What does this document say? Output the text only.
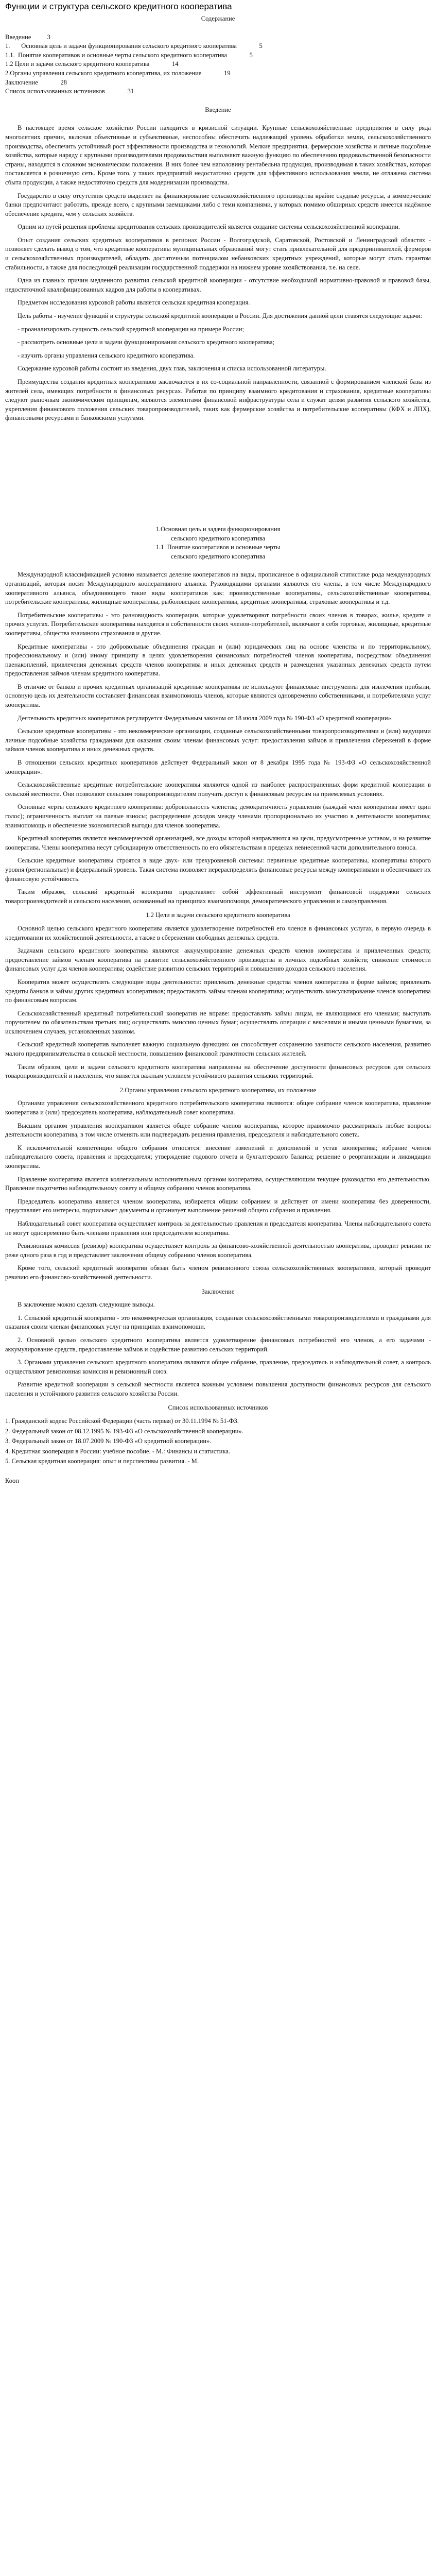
Функции и структура сельского кредитного кооператива
Содержание
Введение          3
1.       Основная цель и задачи функционирования сельского кредитного кооператива              5
1.1.  Понятие кооперативов и основные черты сельского кредитного кооператива              5
1.2 Цели и задачи сельского кредитного кооператива              14
2.Органы управления сельского кредитного кооператива, их положение              19
Заключение              28
Список использованных источников              31
Введение

В настоящее время сельское хозяйство России находится в кризисной ситуации. Крупные сельскохозяйственные предприятия в силу ряда многолетних причин, включая объективные и субъективные, неспособны обеспечить надлежащий уровень обработки земли, сельскохозяйственного производства, обеспечить устойчивый рост эффективности производства и технологий. Мелкие предприятия, фермерские хозяйства и личные подсобные хозяйства, которые наряду с крупными производителями продовольствия выполняют важную функцию по обеспечению продовольственной безопасности страны, находятся в сложном экономическом положении. В них более чем наполовину рентабельна продукция, производимая в таких хозяйствах, которая поставляется в розничную сеть. Кроме того, у таких предприятий недостаточно средств для эффективного использования земли, не отлажена система сбыта продукции, а также недостаточно средств для модернизации производства.

Государство в силу отсутствия средств выделяет на финансирование сельскохозяйственного производства крайне скудные ресурсы, а коммерческие банки предпочитают работать, прежде всего, с крупными заемщиками либо с теми компаниями, у которых помимо обширных средств имеется надёжное обеспечение кредита, чем у сельских хозяйств.

Одним из путей решения проблемы кредитования сельских производителей является создание системы сельскохозяйственной кооперации.

Опыт создания сельских кредитных кооперативов в регионах России - Волгоградской, Саратовской, Ростовской и Ленинградской областях - позволяет сделать вывод о том, что кредитные кооперативы муниципальных образований могут стать привлекательной для предпринимателей, фермеров и сельскохозяйственных производителей, обладать достаточным потенциалом небанковских кредитных учреждений, которые могут стать гарантом стабильности, а также для последующей реализации государственной поддержки на нижнем уровне хозяйствования, т.е. на селе.

Одна из главных причин медленного развития сельской кредитной кооперации - отсутствие необходимой нормативно-правовой и правовой базы, недостаточной квалифицированных кадров для работы в кооперативах.

Предметом исследования курсовой работы является сельская кредитная кооперация.

Цель работы - изучение функций и структуры сельской кредитной кооперации в России. Для достижения данной цели ставятся следующие задачи:

- проанализировать сущность сельской кредитной кооперации на примере России;

- рассмотреть основные цели и задачи функционирования сельского кредитного кооператива;

- изучить органы управления сельского кредитного кооператива.

Содержание курсовой работы состоит из введения, двух глав, заключения и списка использованной литературы.

Преимущества создания кредитных кооперативов заключаются в их со-социальной направленности, связанной с формированием членской базы из жителей села, имеющих потребности в финансовых ресурсах. Работая по принципу взаимного кредитования и страхования, кредитные кооперативы следуют рыночным экономическим принципам, являются элементами финансовой инфраструктуры села и служат целям развития сельского хозяйства, укрепления финансового положения сельских товаропроизводителей, таких как фермерские хозяйства и потребительские кооперативы (КФХ и ЛПХ), финансовыми ресурсами и банковскими услугами.

1.Основная цель и задачи функционирования
сельского кредитного кооператива
1.1  Понятие кооперативов и основные черты
сельского кредитного кооператива

Международной классификацией условно называется деление кооперативов на виды, прописанное в официальной статистике рода международных организаций, которая носит Международного кооперативного альянса. Руководящими органами являются его члены, в том числе Международного кооперативного альянса, объединяющего такие виды кооперативов как: производственные кооперативы, сельскохозяйственные кооперативы, потребительские кооперативы, жилищные кооперативы, рыболовецкие кооперативы, кредитные кооперативы, страховые кооперативы и т.д.

Потребительские кооперативы - это разновидность кооперации, которые удовлетворяют потребности своих членов в товарах, жилье, кредите и прочих услугах. Потребительские кооперативы находятся в собственности своих членов-потребителей, включают в себя торговые, жилищные, кредитные кооперативы, общества взаимного страхования и другие.

Кредитные кооперативы - это добровольные объединения граждан и (или) юридических лиц на основе членства и по территориальному, профессиональному и (или) иному принципу в целях удовлетворения финансовых потребностей членов кооператива, посредством объединения паенакоплений, привлечения денежных средств членов кооператива и иных денежных средств и размещения указанных денежных средств путем предоставления займов членам кредитного кооператива.

В отличие от банков и прочих кредитных организаций кредитные кооперативы не используют финансовые инструменты для извлечения прибыли, основную цель их деятельности составляет финансовая взаимопомощь членов, которые являются одновременно собственниками, и потребителями услуг кооператива.

Деятельность кредитных кооперативов регулируется Федеральным законом от 18 июля 2009 года № 190-ФЗ «О кредитной кооперации».

Сельские кредитные кооперативы - это некоммерческие организации, созданные сельскохозяйственными товаропроизводителями и (или) ведущими личные подсобные хозяйства гражданами для оказания своим членам финансовых услуг: предоставления займов и привлечения сбережений в форме займов членов кооператива и иных денежных средств.

В отношении сельских кредитных кооперативов действует Федеральный закон от 8 декабря 1995 года № 193-ФЗ «О сельскохозяйственной кооперации».

Сельскохозяйственные кредитные потребительские кооперативы являются одной из наиболее распространенных форм кредитной кооперации в сельской местности. Они позволяют сельским товаропроизводителям получать доступ к финансовым ресурсам на приемлемых условиях.

Основные черты сельского кредитного кооператива: добровольность членства; демократичность управления (каждый член кооператива имеет один голос); ограниченность выплат на паевые взносы; распределение доходов между членами пропорционально их участию в деятельности кооператива; взаимопомощь и обеспечение экономической выгоды для членов кооператива.

Кредитный кооператив является некоммерческой организацией, все доходы которой направляются на цели, предусмотренные уставом, и на развитие кооператива. Члены кооператива несут субсидиарную ответственность по его обязательствам в пределах невнесенной части дополнительного взноса.

Сельские кредитные кооперативы строятся в виде двух- или трехуровневой системы: первичные кредитные кооперативы, кооперативы второго уровня (региональные) и федеральный уровень. Такая система позволяет перераспределять финансовые ресурсы между кооперативами и обеспечивает их финансовую устойчивость.

Таким образом, сельский кредитный кооператив представляет собой эффективный инструмент финансовой поддержки сельских товаропроизводителей и сельского населения, основанный на принципах взаимопомощи, демократического управления и самоуправления.

1.2 Цели и задачи сельского кредитного кооператива

Основной целью сельского кредитного кооператива является удовлетворение потребностей его членов в финансовых услугах, в первую очередь в кредитовании их хозяйственной деятельности, а также в сбережении свободных денежных средств.

Задачами сельского кредитного кооператива являются: аккумулирование денежных средств членов кооператива и привлеченных средств; предоставление займов членам кооператива на развитие сельскохозяйственного производства и личных подсобных хозяйств; снижение стоимости финансовых услуг для членов кооператива; содействие развитию сельских территорий и повышению доходов сельского населения.

Кооператив может осуществлять следующие виды деятельности: привлекать денежные средства членов кооператива в форме займов; привлекать кредиты банков и займы других кредитных кооперативов; предоставлять займы членам кооператива; осуществлять консультирование членов кооператива по финансовым вопросам.

Сельскохозяйственный кредитный потребительский кооператив не вправе: предоставлять займы лицам, не являющимся его членами; выступать поручителем по обязательствам третьих лиц; осуществлять эмиссию ценных бумаг; осуществлять операции с векселями и иными ценными бумагами, за исключением случаев, установленных законом.

Сельский кредитный кооператив выполняет важную социальную функцию: он способствует сохранению занятости сельского населения, развитию малого предпринимательства в сельской местности, повышению финансовой грамотности сельских жителей.

Таким образом, цели и задачи сельского кредитного кооператива направлены на обеспечение доступности финансовых ресурсов для сельских товаропроизводителей и населения, что является важным условием устойчивого развития сельских территорий.

2.Органы управления сельского кредитного кооператива, их положение

Органами управления сельскохозяйственного кредитного потребительского кооператива являются: общее собрание членов кооператива, правление кооператива и (или) председатель кооператива, наблюдательный совет кооператива.

Высшим органом управления кооперативом является общее собрание членов кооператива, которое правомочно рассматривать любые вопросы деятельности кооператива, в том числе отменять или подтверждать решения правления, председателя и наблюдательного совета.

К исключительной компетенции общего собрания относятся: внесение изменений и дополнений в устав кооператива; избрание членов наблюдательного совета, правления и председателя; утверждение годового отчета и бухгалтерского баланса; решение о реорганизации и ликвидации кооператива.

Правление кооператива является коллегиальным исполнительным органом кооператива, осуществляющим текущее руководство его деятельностью. Правление подотчетно наблюдательному совету и общему собранию членов кооператива.

Председатель кооператива является членом кооператива, избирается общим собранием и действует от имени кооператива без доверенности, представляет его интересы, подписывает документы и организует выполнение решений общего собрания и правления.

Наблюдательный совет кооператива осуществляет контроль за деятельностью правления и председателя кооператива. Члены наблюдательного совета не могут одновременно быть членами правления или председателем кооператива.

Ревизионная комиссия (ревизор) кооператива осуществляет контроль за финансово-хозяйственной деятельностью кооператива, проводит ревизии не реже одного раза в год и представляет заключения общему собранию членов кооператива.

Кроме того, сельский кредитный кооператив обязан быть членом ревизионного союза сельскохозяйственных кооперативов, который проводит ревизию его финансово-хозяйственной деятельности.

Заключение

В заключение можно сделать следующие выводы.

1. Сельский кредитный кооператив - это некоммерческая организация, созданная сельскохозяйственными товаропроизводителями и гражданами для оказания своим членам финансовых услуг на принципах взаимопомощи.

2. Основной целью сельского кредитного кооператива является удовлетворение финансовых потребностей его членов, а его задачами - аккумулирование средств, предоставление займов и содействие развитию сельских территорий.

3. Органами управления сельского кредитного кооператива являются общее собрание, правление, председатель и наблюдательный совет, а контроль осуществляют ревизионная комиссия и ревизионный союз.

Развитие кредитной кооперации в сельской местности является важным условием повышения доступности финансовых ресурсов для сельского населения и устойчивого развития сельского хозяйства России.

Список использованных источников
1. Гражданский кодекс Российской Федерации (часть первая) от 30.11.1994 № 51-ФЗ.
2. Федеральный закон от 08.12.1995 № 193-ФЗ «О сельскохозяйственной кооперации».
3. Федеральный закон от 18.07.2009 № 190-ФЗ «О кредитной кооперации».
4. Кредитная кооперация в России: учебное пособие. - М.: Финансы и статистика.
5. Сельская кредитная кооперация: опыт и перспективы развития. - М.
Кооп
